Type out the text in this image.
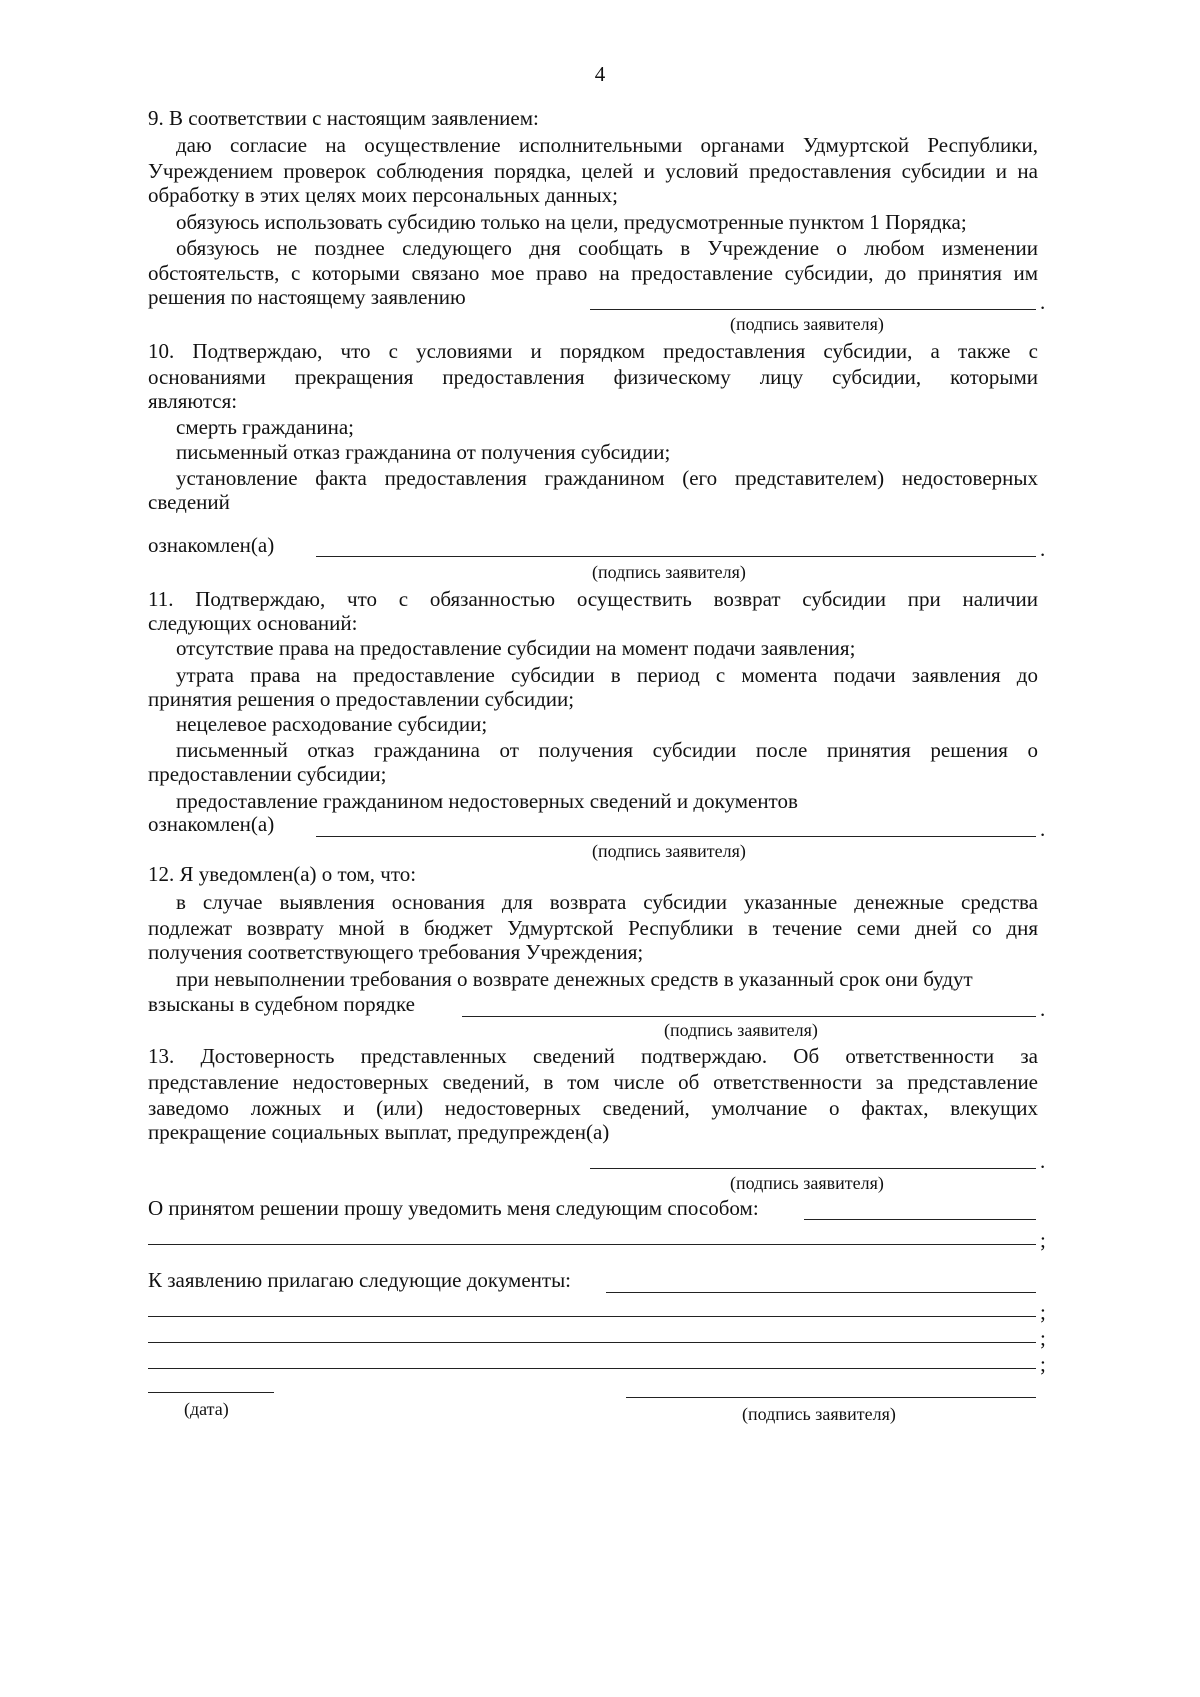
4
9. В соответствии с настоящим заявлением:
даю согласие на осуществление исполнительными органами Удмуртской Республики,
Учреждением проверок соблюдения порядка, целей и условий предоставления субсидии и на
обработку в этих целях моих персональных данных;
обязуюсь использовать субсидию только на цели, предусмотренные пунктом 1 Порядка;
обязуюсь не позднее следующего дня сообщать в Учреждение о любом изменении
обстоятельств, с которыми связано мое право на предоставление субсидии, до принятия им
решения по настоящему заявлению	.
(подпись заявителя)
10. Подтверждаю, что с условиями и порядком предоставления субсидии, а также с
основаниями прекращения предоставления физическому лицу субсидии, которыми
являются:
смерть гражданина;
письменный отказ гражданина от получения субсидии;
установление факта предоставления гражданином (его представителем) недостоверных
сведений
ознакомлен(а)	.
(подпись заявителя)
11. Подтверждаю, что с обязанностью осуществить возврат субсидии при наличии
следующих оснований:
отсутствие права на предоставление субсидии на момент подачи заявления;
утрата права на предоставление субсидии в период с момента подачи заявления до
принятия решения о предоставлении субсидии;
нецелевое расходование субсидии;
письменный отказ гражданина от получения субсидии после принятия решения о
предоставлении субсидии;
предоставление гражданином недостоверных сведений и документов
ознакомлен(а)	.
(подпись заявителя)
12. Я уведомлен(а) о том, что:
в случае выявления основания для возврата субсидии указанные денежные средства
подлежат возврату мной в бюджет Удмуртской Республики в течение семи дней со дня
получения соответствующего требования Учреждения;
при невыполнении требования о возврате денежных средств в указанный срок они будут
взысканы в судебном порядке	.
(подпись заявителя)
13. Достоверность представленных сведений подтверждаю. Об ответственности за
представление недостоверных сведений, в том числе об ответственности за представление
заведомо ложных и (или) недостоверных сведений, умолчание о фактах, влекущих
прекращение социальных выплат, предупрежден(а)
.
(подпись заявителя)
О принятом решении прошу уведомить меня следующим способом:
;
К заявлению прилагаю следующие документы:
;
;
;
(дата)	(подпись заявителя)
